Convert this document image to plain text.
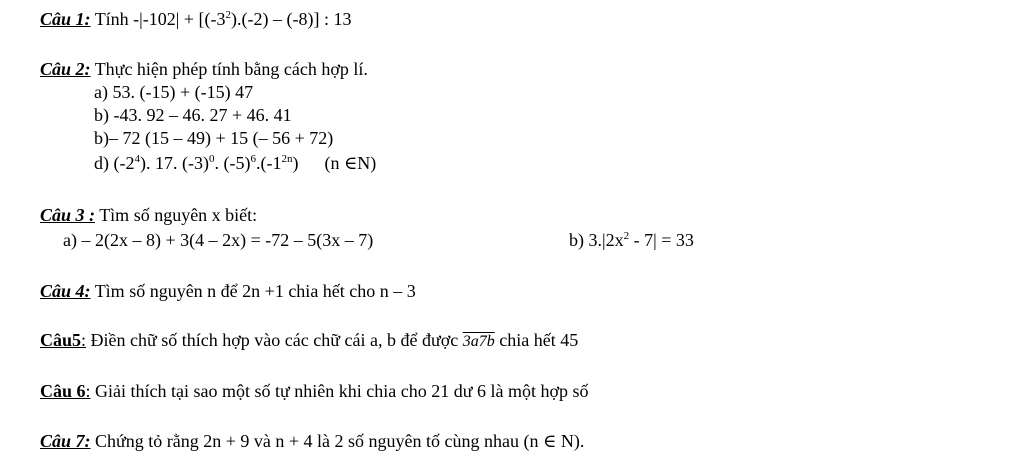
Câu 1: Tính $-|-102| + [(-3^2).(-2) - (-8)]$ : 13
Câu 2: Thực hiện phép tính bằng cách hợp lí.
a) 53. (-15) + (-15) 47
b) -43. 92 – 46. 27 + 46. 41
b)– 72 (15 – 49) + 15 (– 56 + 72)
d) $(-2^4)$. 17. $(-3)^0$. $(-5)^6.(-1^{2n})$ (n ∈N)
Câu 3 : Tìm số nguyên x biết:
a) – 2(2x – 8) + 3(4 – 2x) = -72 – 5(3x – 7)	b) $3.|2x^2 - 7| = 33$
Câu 4: Tìm số nguyên n để 2n +1 chia hết cho n – 3
Câu5: Điền chữ số thích hợp vào các chữ cái a, b để được 3a7b chia hết 45
Câu 6: Giải thích tại sao một số tự nhiên khi chia cho 21 dư 6 là một hợp số
Câu 7: Chứng tỏ rằng 2n + 9 và n + 4 là 2 số nguyên tố cùng nhau (n ∈ N).
